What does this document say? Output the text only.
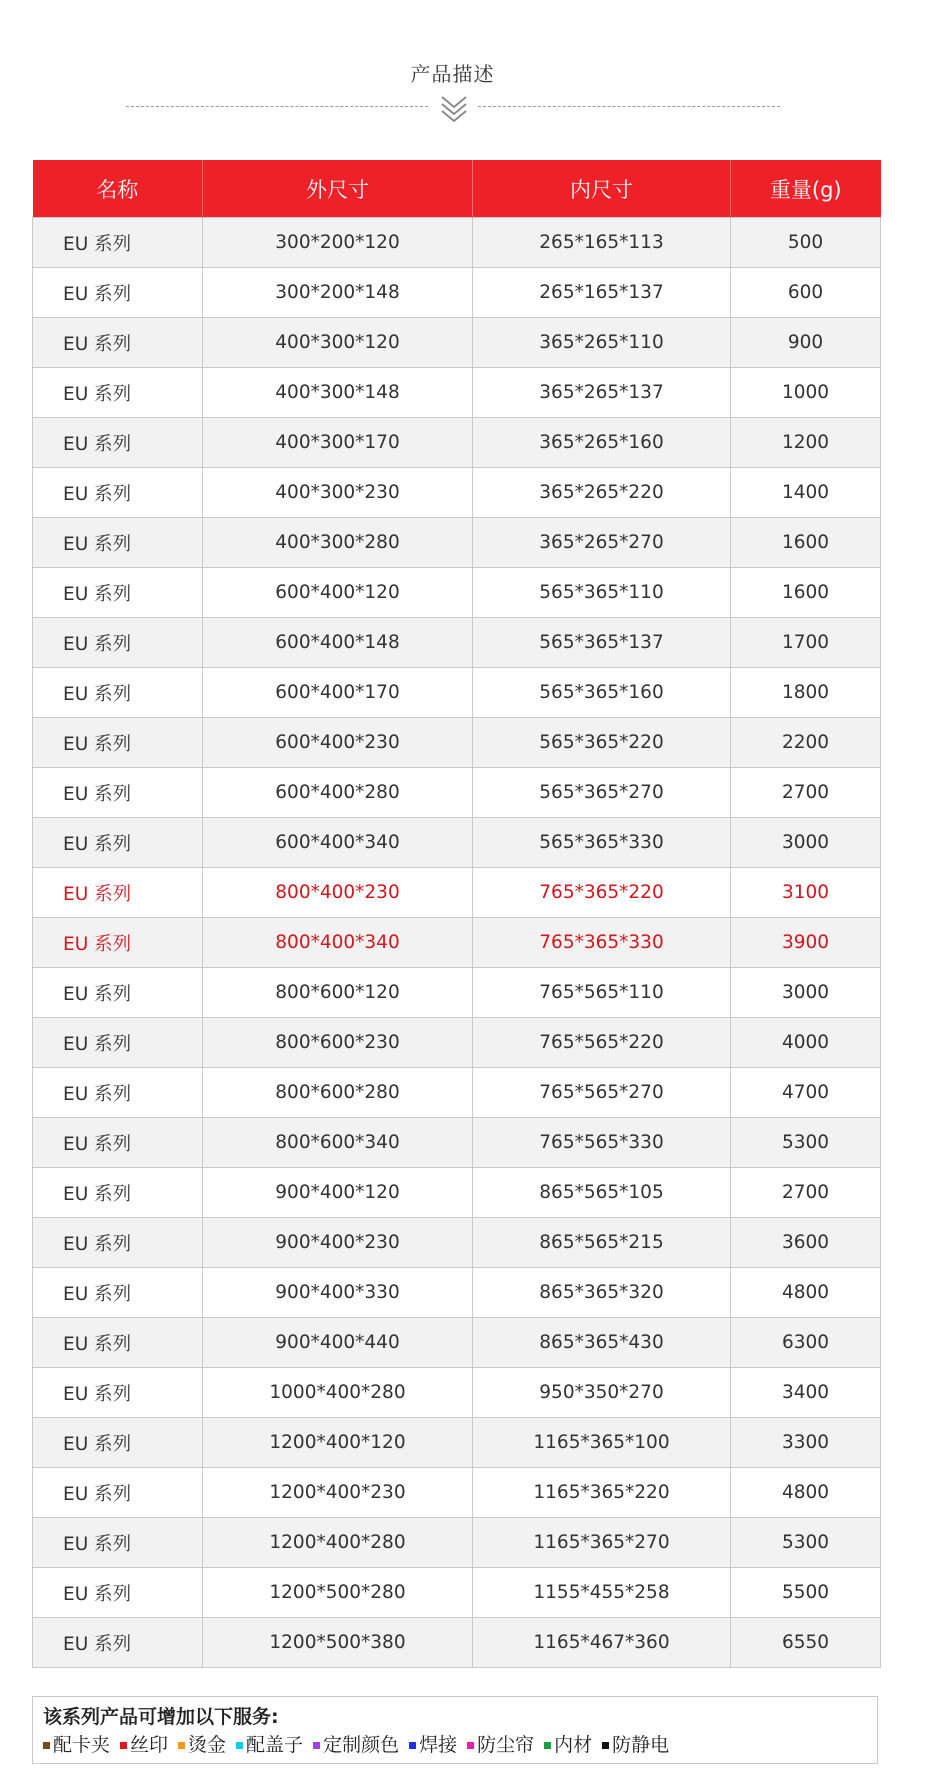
产品描述
名称	外尺寸	内尺寸	重量(g)
EU 系列	300*200*120	265*165*113	500
EU 系列	300*200*148	265*165*137	600
EU 系列	400*300*120	365*265*110	900
EU 系列	400*300*148	365*265*137	1000
EU 系列	400*300*170	365*265*160	1200
EU 系列	400*300*230	365*265*220	1400
EU 系列	400*300*280	365*265*270	1600
EU 系列	600*400*120	565*365*110	1600
EU 系列	600*400*148	565*365*137	1700
EU 系列	600*400*170	565*365*160	1800
EU 系列	600*400*230	565*365*220	2200
EU 系列	600*400*280	565*365*270	2700
EU 系列	600*400*340	565*365*330	3000
EU 系列	800*400*230	765*365*220	3100
EU 系列	800*400*340	765*365*330	3900
EU 系列	800*600*120	765*565*110	3000
EU 系列	800*600*230	765*565*220	4000
EU 系列	800*600*280	765*565*270	4700
EU 系列	800*600*340	765*565*330	5300
EU 系列	900*400*120	865*565*105	2700
EU 系列	900*400*230	865*565*215	3600
EU 系列	900*400*330	865*365*320	4800
EU 系列	900*400*440	865*365*430	6300
EU 系列	1000*400*280	950*350*270	3400
EU 系列	1200*400*120	1165*365*100	3300
EU 系列	1200*400*230	1165*365*220	4800
EU 系列	1200*400*280	1165*365*270	5300
EU 系列	1200*500*280	1155*455*258	5500
EU 系列	1200*500*380	1165*467*360	6550
该系列产品可增加以下服务:
配卡夹 丝印 烫金 配盖子 定制颜色 焊接 防尘帘 内材 防静电
